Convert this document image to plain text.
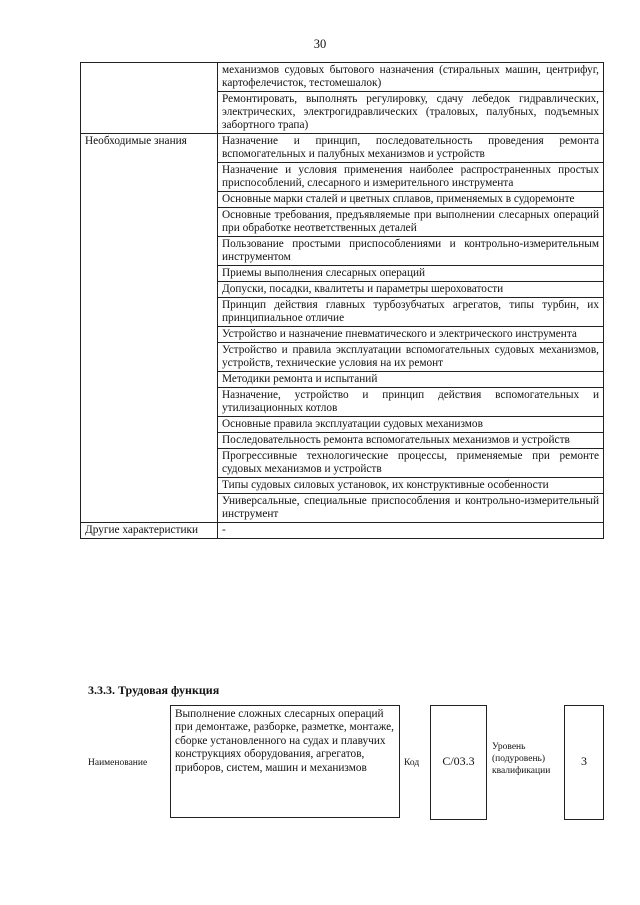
30
	механизмов судовых бытового назначения (стиральных машин, центрифуг, картофелечисток, тестомешалок)
	Ремонтировать, выполнять регулировку, сдачу лебедок гидравлических, электрических, электрогидравлических (траловых, палубных, подъемных забортного трапа)
Необходимые знания	Назначение и принцип, последовательность проведения ремонта вспомогательных и палубных механизмов и устройств
	Назначение и условия применения наиболее распространенных простых приспособлений, слесарного и измерительного инструмента
	Основные марки сталей и цветных сплавов, применяемых в судоремонте
	Основные требования, предъявляемые при выполнении слесарных операций при обработке неответственных деталей
	Пользование простыми приспособлениями и контрольно-измерительным инструментом
	Приемы выполнения слесарных операций
	Допуски, посадки, квалитеты и параметры шероховатости
	Принцип действия главных турбозубчатых агрегатов, типы турбин, их принципиальное отличие
	Устройство и назначение пневматического и электрического инструмента
	Устройство и правила эксплуатации вспомогательных судовых механизмов, устройств, технические условия на их ремонт
	Методики ремонта и испытаний
	Назначение, устройство и принцип действия вспомогательных и утилизационных котлов
	Основные правила эксплуатации судовых механизмов
	Последовательность ремонта вспомогательных механизмов и устройств
	Прогрессивные технологические процессы, применяемые при ремонте судовых механизмов и устройств
	Типы судовых силовых установок, их конструктивные особенности
	Универсальные, специальные приспособления и контрольно-измерительный инструмент
Другие характеристики	-
3.3.3. Трудовая функция
Наименование
Выполнение сложных слесарных операций при демонтаже, разборке, разметке, монтаже, сборке установленного на судах и плавучих конструкциях оборудования, агрегатов, приборов, систем, машин и механизмов	Код	C/03.3
Уровень (подуровень) квалификации
3
